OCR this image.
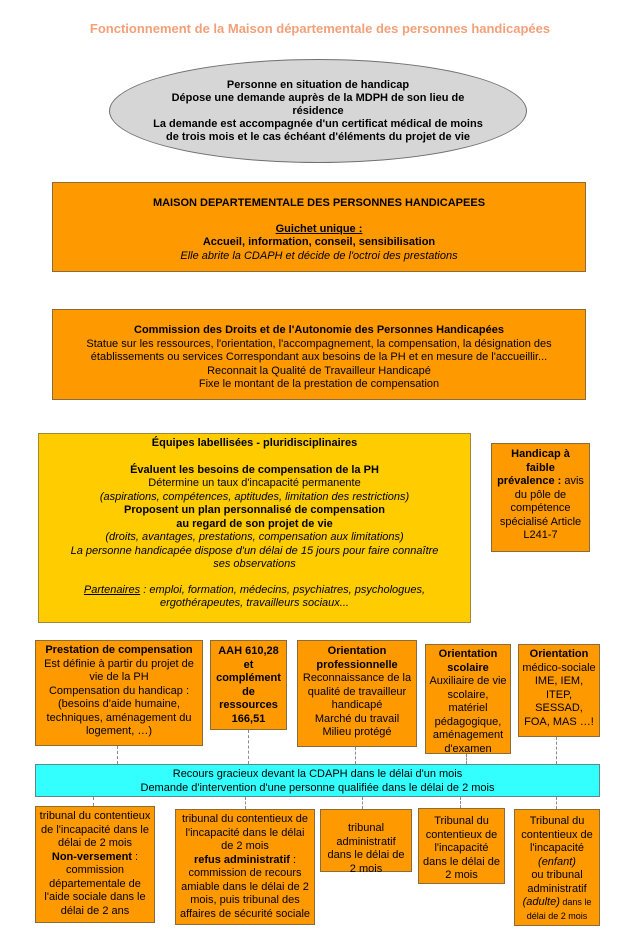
Fonctionnement de la Maison départementale des personnes handicapées

Personne en situation de handicap

Dépose une demande auprès de la MDPH de son lieu de résidence

La demande est accompagnée d'un certificat médical de moins de trois mois et le cas échéant d'éléments du projet de vie

MAISON DEPARTEMENTALE DES PERSONNES HANDICAPEES

Guichet unique :

Accueil, information, conseil, sensibilisation

Elle abrite la CDAPH et décide de l'octroi des prestations

Commission des Droits et de l'Autonomie des Personnes Handicapées

Statue sur les ressources, l'orientation, l'accompagnement, la compensation, la désignation des établissements ou services Correspondant aux besoins de la PH et en mesure de l'accueillir...

Reconnait la Qualité de Travailleur Handicapé

Fixe le montant de la prestation de compensation

Équipes labellisées - pluridisciplinaires

Évaluent les besoins de compensation de la PH

Détermine un taux d'incapacité permanente

(aspirations, compétences, aptitudes, limitation des restrictions)

Proposent un plan personnalisé de compensation

au regard de son projet de vie

(droits, avantages, prestations, compensation aux limitations)

La personne handicapée dispose d'un délai de 15 jours pour faire connaître ses observations

Partenaires : emploi, formation, médecins, psychiatres, psychologues, ergothérapeutes, travailleurs sociaux...

Handicap à faible prévalence : avis du pôle de compétence spécialisé Article L241-7

Prestation de compensation

Est définie à partir du projet de vie de la PH

Compensation du handicap : (besoins d'aide humaine, techniques, aménagement du logement, …)

AAH 610,28 et complément de ressources 166,51

Orientation professionnelle

Reconnaissance de la qualité de travailleur handicapé

Marché du travail

Milieu protégé

Orientation scolaire

Auxiliaire de vie scolaire, matériel pédagogique, aménagement d'examen

Orientation

médico-sociale IME, IEM, ITEP, SESSAD, FOA, MAS …!

Recours gracieux devant la CDAPH dans le délai d'un mois

Demande d'intervention d'une personne qualifiée dans le délai de 2 mois

tribunal du contentieux de l'incapacité dans le délai de 2 mois

Non-versement : commission départementale de l'aide sociale dans le délai de 2 ans

tribunal du contentieux de l'incapacité dans le délai de 2 mois

refus administratif : commission de recours amiable dans le délai de 2 mois, puis tribunal des affaires de sécurité sociale

tribunal administratif dans le délai de 2 mois

Tribunal du contentieux de l'incapacité dans le délai de 2 mois

Tribunal du contentieux de l'incapacité

(enfant)

ou tribunal administratif

(adulte) dans le délai de 2 mois
